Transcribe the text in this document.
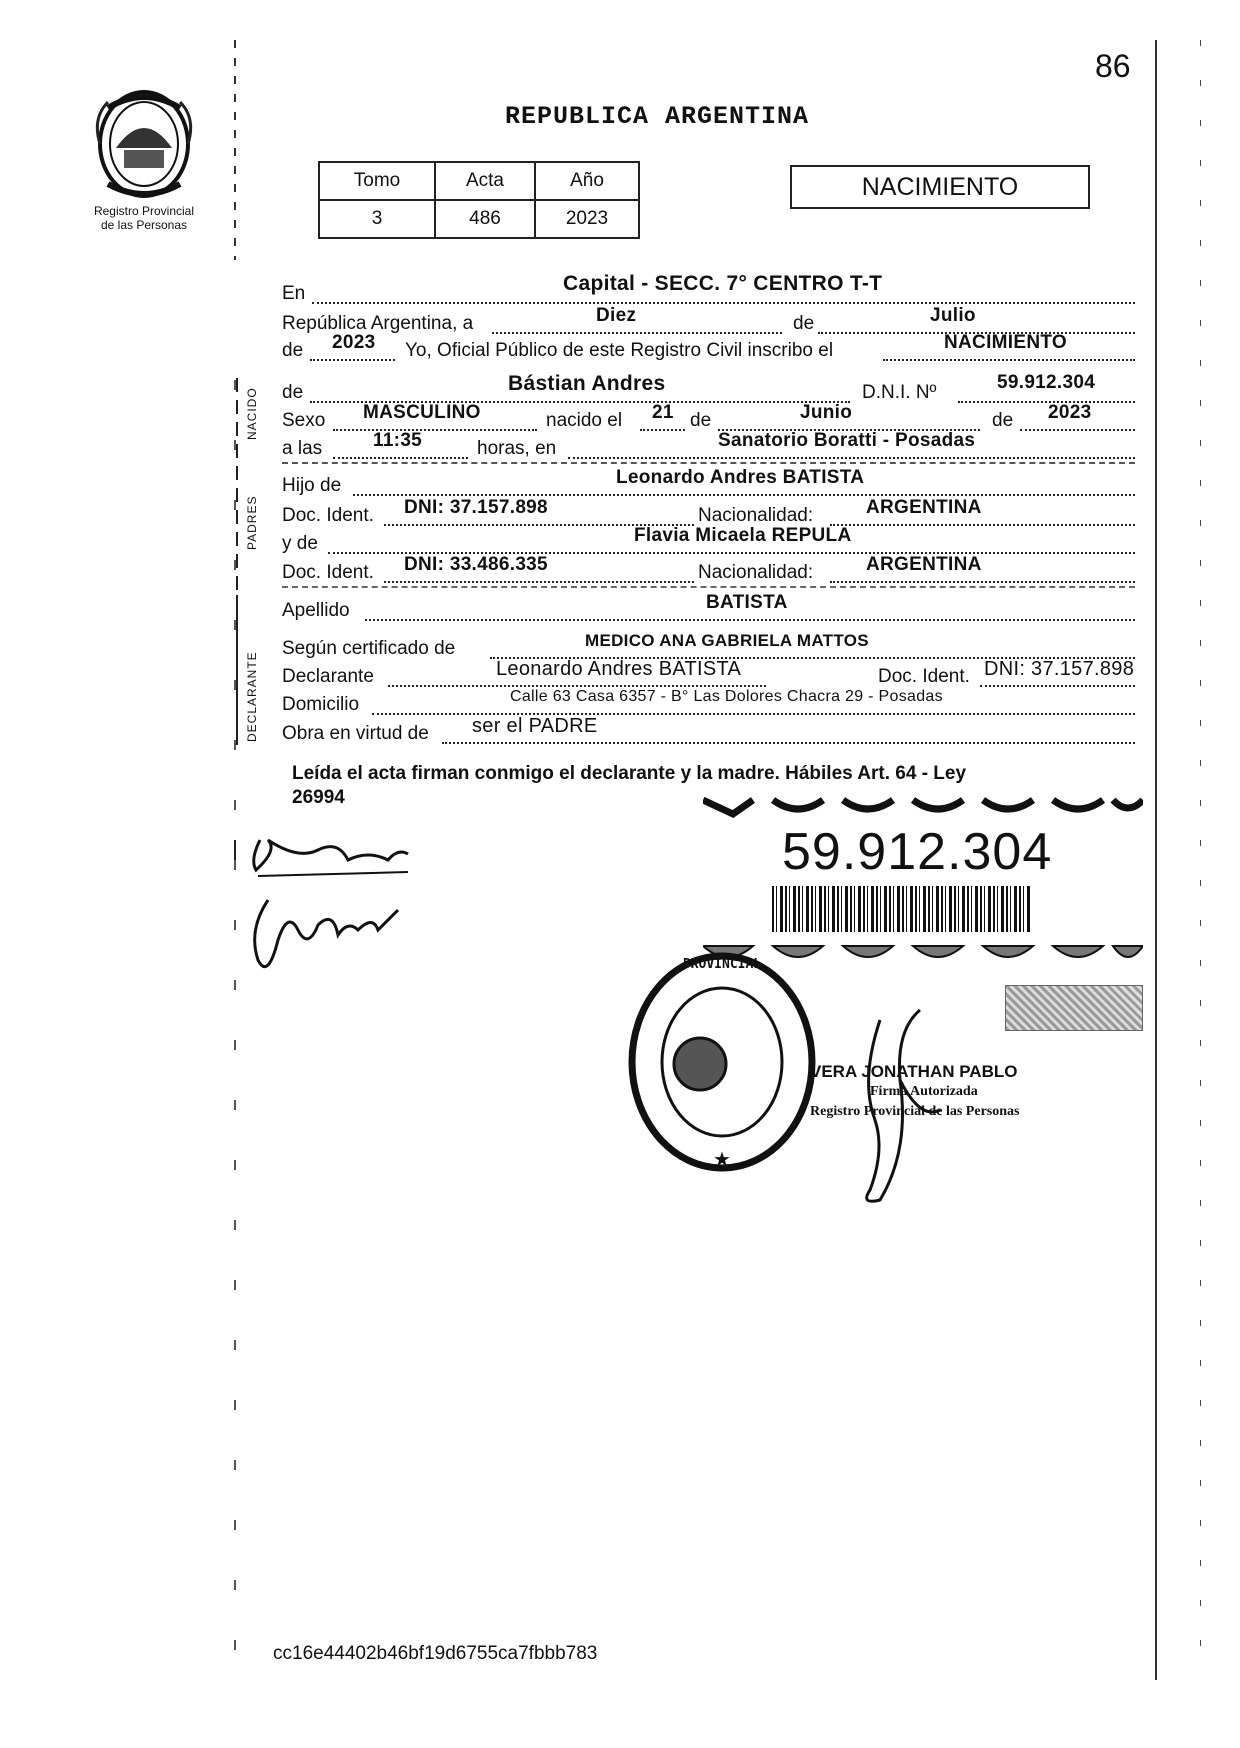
86
Registro Provincial
de las Personas
REPUBLICA ARGENTINA
Tomo	Acta	Año
3	486	2023
NACIMIENTO
NACIDO
PADRES
DECLARANTE
En	Capital - SECC. 7° CENTRO T-T
República Argentina, a	Diez	de	Julio
de 2023 Yo, Oficial Público de este Registro Civil inscribo el	NACIMIENTO
de	Bástian Andres	D.N.I. Nº	59.912.304
Sexo MASCULINO	nacido el 21 de	Junio	de 2023
a las	11:35	horas, en	Sanatorio Boratti - Posadas
Hijo de	Leonardo Andres BATISTA
Doc. Ident. DNI: 37.157.898	Nacionalidad:	ARGENTINA
y de	Flavia Micaela REPULA
Doc. Ident. DNI: 33.486.335	Nacionalidad:	ARGENTINA
Apellido	BATISTA
Según certificado de	MEDICO ANA GABRIELA MATTOS
Declarante	Leonardo Andres BATISTA	Doc. Ident. DNI: 37.157.898
Domicilio	Calle 63 Casa 6357 - B° Las Dolores Chacra 29 - Posadas
Obra en virtud de ser el PADRE
Leída el acta firman conmigo el declarante y la madre. Hábiles Art. 64 - Ley
26994
59.912.304
PROVINCIAL
★
VERA JONATHAN PABLO
Firma Autorizada
Registro Provincial de las Personas
cc16e44402b46bf19d6755ca7fbbb783
